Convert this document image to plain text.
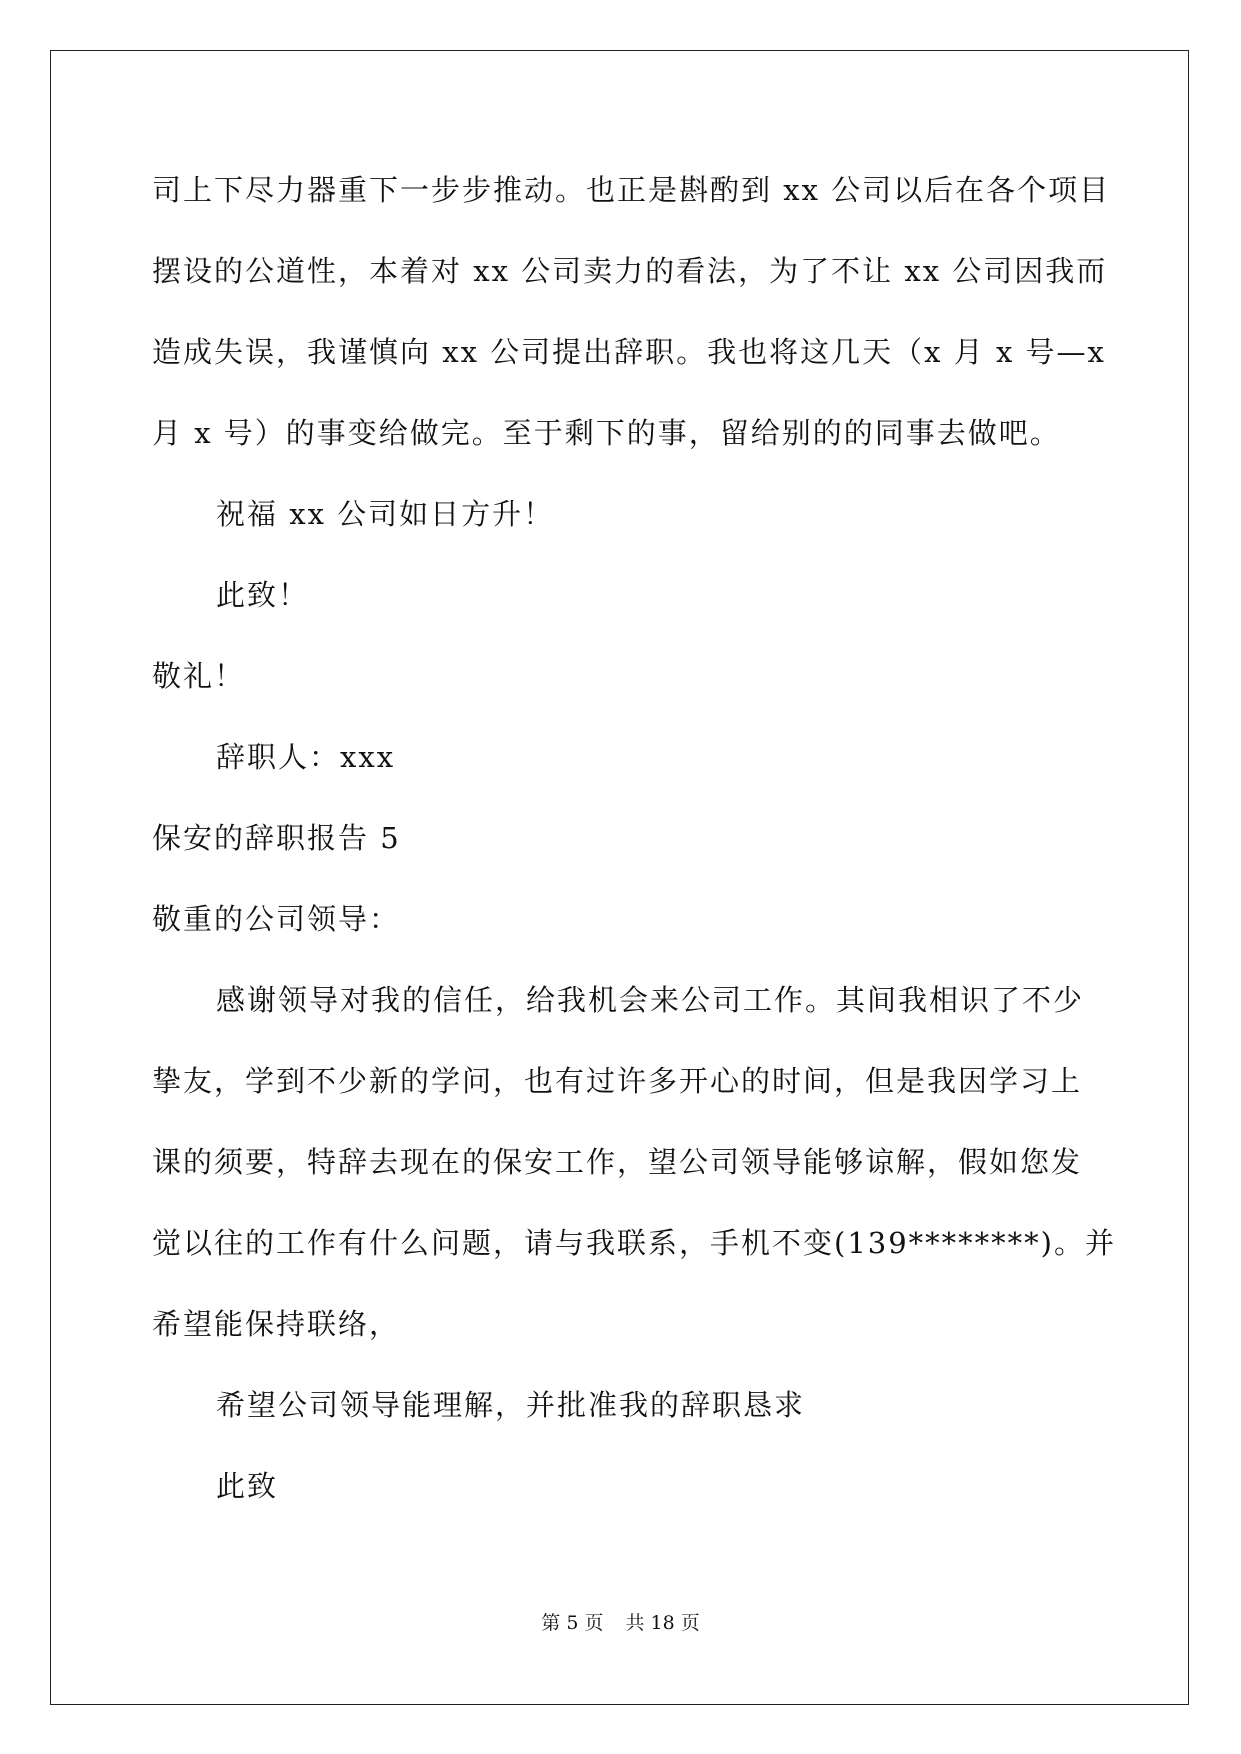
司上下尽力器重下一步步推动。也正是斟酌到 xx 公司以后在各个项目
摆设的公道性，本着对 xx 公司卖力的看法，为了不让 xx 公司因我而
造成失误，我谨慎向 xx 公司提出辞职。我也将这几天（x 月 x 号—x
月 x 号）的事变给做完。至于剩下的事，留给别的的同事去做吧。
祝福 xx 公司如日方升！
此致！
敬礼！
辞职人：xxx
保安的辞职报告 5
敬重的公司领导：
感谢领导对我的信任，给我机会来公司工作。其间我相识了不少
挚友，学到不少新的学问，也有过许多开心的时间，但是我因学习上
课的须要，特辞去现在的保安工作，望公司领导能够谅解，假如您发
觉以往的工作有什么问题，请与我联系，手机不变(139********)。并
希望能保持联络，
希望公司领导能理解，并批准我的辞职恳求
此致
第 5 页 共 18 页
